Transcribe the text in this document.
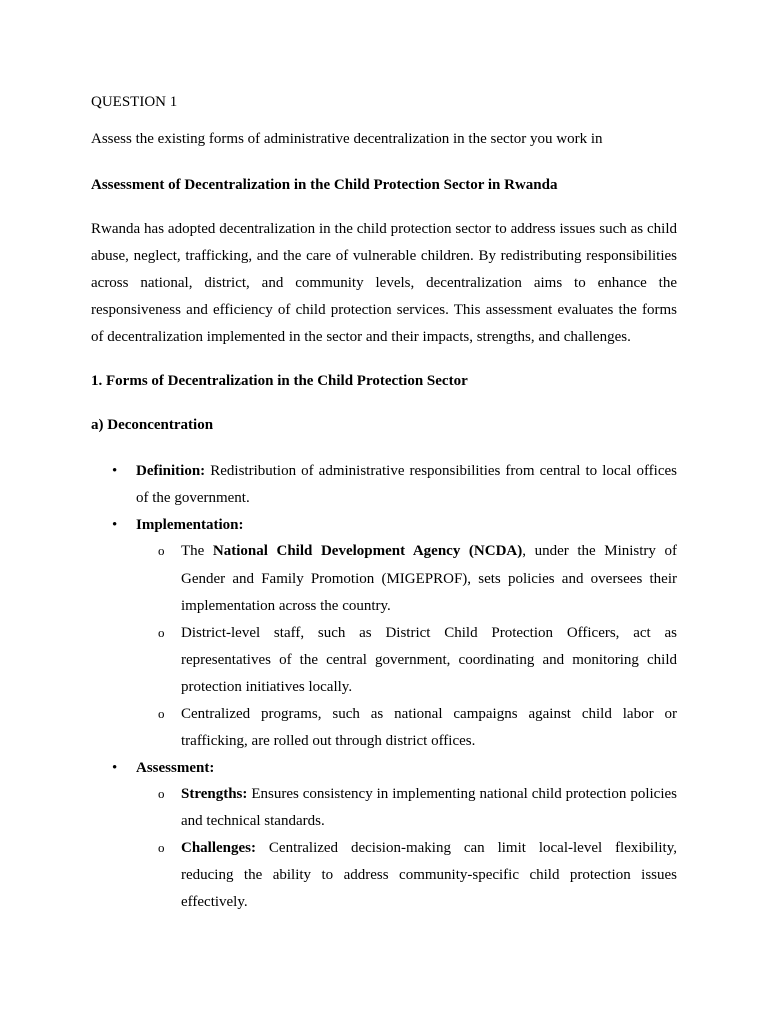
QUESTION 1
Assess the existing forms of administrative decentralization in the sector you work in
Assessment of Decentralization in the Child Protection Sector in Rwanda
Rwanda has adopted decentralization in the child protection sector to address issues such as child
abuse, neglect, trafficking, and the care of vulnerable children. By redistributing responsibilities
across national, district, and community levels, decentralization aims to enhance the
responsiveness and efficiency of child protection services. This assessment evaluates the forms
of decentralization implemented in the sector and their impacts, strengths, and challenges.
1. Forms of Decentralization in the Child Protection Sector
a) Deconcentration
• Definition: Redistribution of administrative responsibilities from central to local offices
of the government.
• Implementation:
o The National Child Development Agency (NCDA), under the Ministry of
Gender and Family Promotion (MIGEPROF), sets policies and oversees their
implementation across the country.
o District-level staff, such as District Child Protection Officers, act as
representatives of the central government, coordinating and monitoring child
protection initiatives locally.
o Centralized programs, such as national campaigns against child labor or
trafficking, are rolled out through district offices.
• Assessment:
o Strengths: Ensures consistency in implementing national child protection policies
and technical standards.
o Challenges: Centralized decision-making can limit local-level flexibility,
reducing the ability to address community-specific child protection issues
effectively.
